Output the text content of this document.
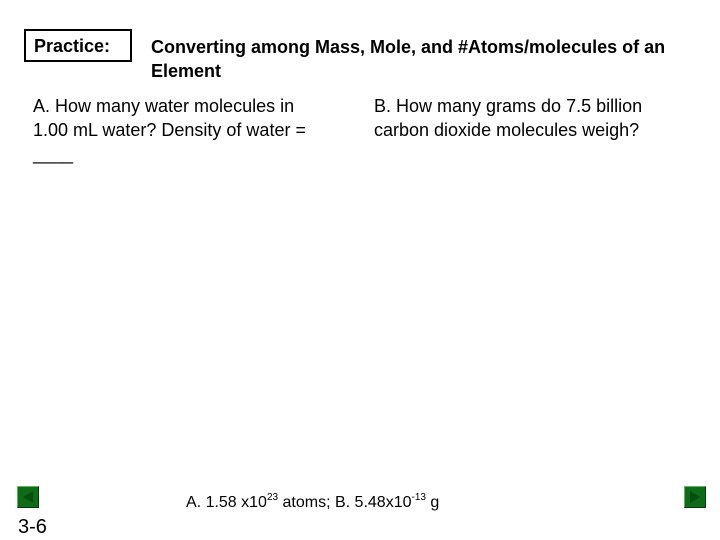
Practice:	Converting among Mass, Mole, and #Atoms/molecules of an Element
A. How many water molecules in 1.00 mL water? Density of water = ____
B. How many grams do 7.5 billion carbon dioxide molecules weigh?
A. 1.58 $x10^{23}$ atoms; B. $5.48x10^{-13}$ g
3-6
